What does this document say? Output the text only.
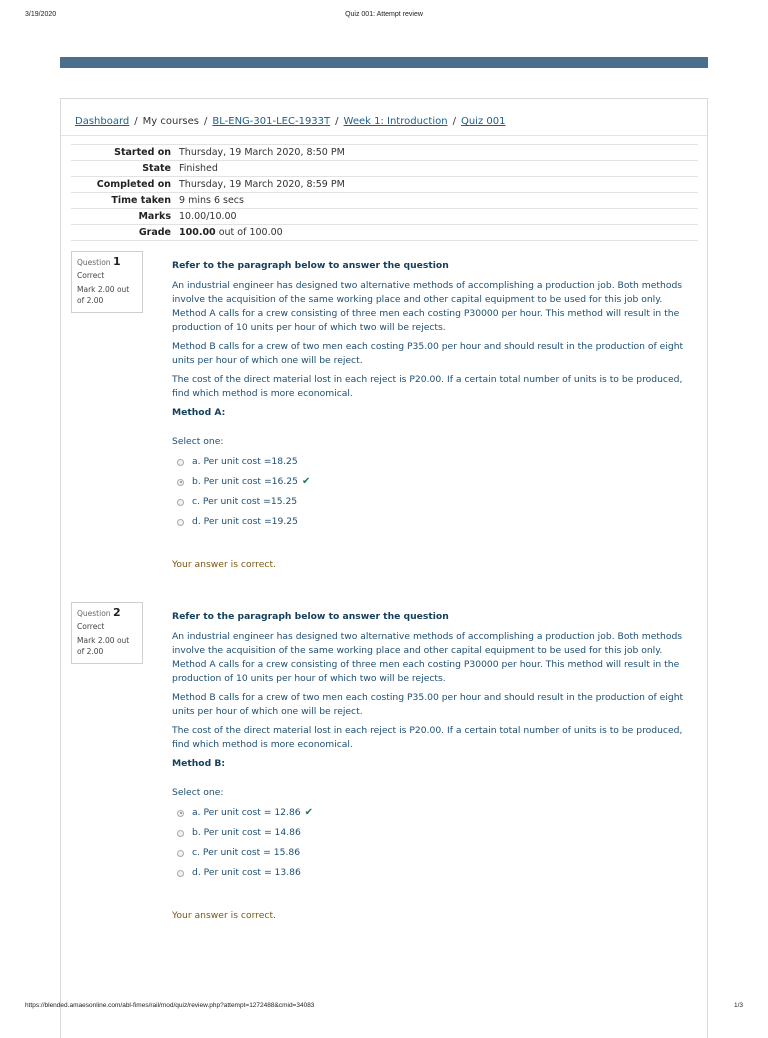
3/19/2020	Quiz 001: Attempt review
Dashboard / My courses / BL-ENG-301-LEC-1933T / Week 1: Introduction / Quiz 001
Started on	Thursday, 19 March 2020, 8:50 PM
State	Finished
Completed on	Thursday, 19 March 2020, 8:59 PM
Time taken	9 mins 6 secs
Marks	10.00/10.00
Grade	100.00 out of 100.00
Question 1
Correct
Mark 2.00 out of 2.00

Refer to the paragraph below to answer the question

An industrial engineer has designed two alternative methods of accomplishing a production job. Both methods involve the acquisition of the same working place and other capital equipment to be used for this job only. Method A calls for a crew consisting of three men each costing P30000 per hour. This method will result in the production of 10 units per hour of which two will be rejects.

Method B calls for a crew of two men each costing P35.00 per hour and should result in the production of eight units per hour of which one will be reject.

The cost of the direct material lost in each reject is P20.00. If a certain total number of units is to be produced, find which method is more economical.

Method A:

Select one:

a. Per unit cost =18.25
b. Per unit cost =16.25 ✔
c. Per unit cost =15.25
d. Per unit cost =19.25
Your answer is correct.
Question 2
Correct
Mark 2.00 out of 2.00

Refer to the paragraph below to answer the question

An industrial engineer has designed two alternative methods of accomplishing a production job. Both methods involve the acquisition of the same working place and other capital equipment to be used for this job only. Method A calls for a crew consisting of three men each costing P30000 per hour. This method will result in the production of 10 units per hour of which two will be rejects.

Method B calls for a crew of two men each costing P35.00 per hour and should result in the production of eight units per hour of which one will be reject.

The cost of the direct material lost in each reject is P20.00. If a certain total number of units is to be produced, find which method is more economical.

Method B:

Select one:

a. Per unit cost = 12.86 ✔
b. Per unit cost = 14.86
c. Per unit cost = 15.86
d. Per unit cost = 13.86
Your answer is correct.
https://blended.amaesonline.com/abl-fimes/rail/mod/quiz/review.php?attempt=1272488&cmid=34083	1/3
